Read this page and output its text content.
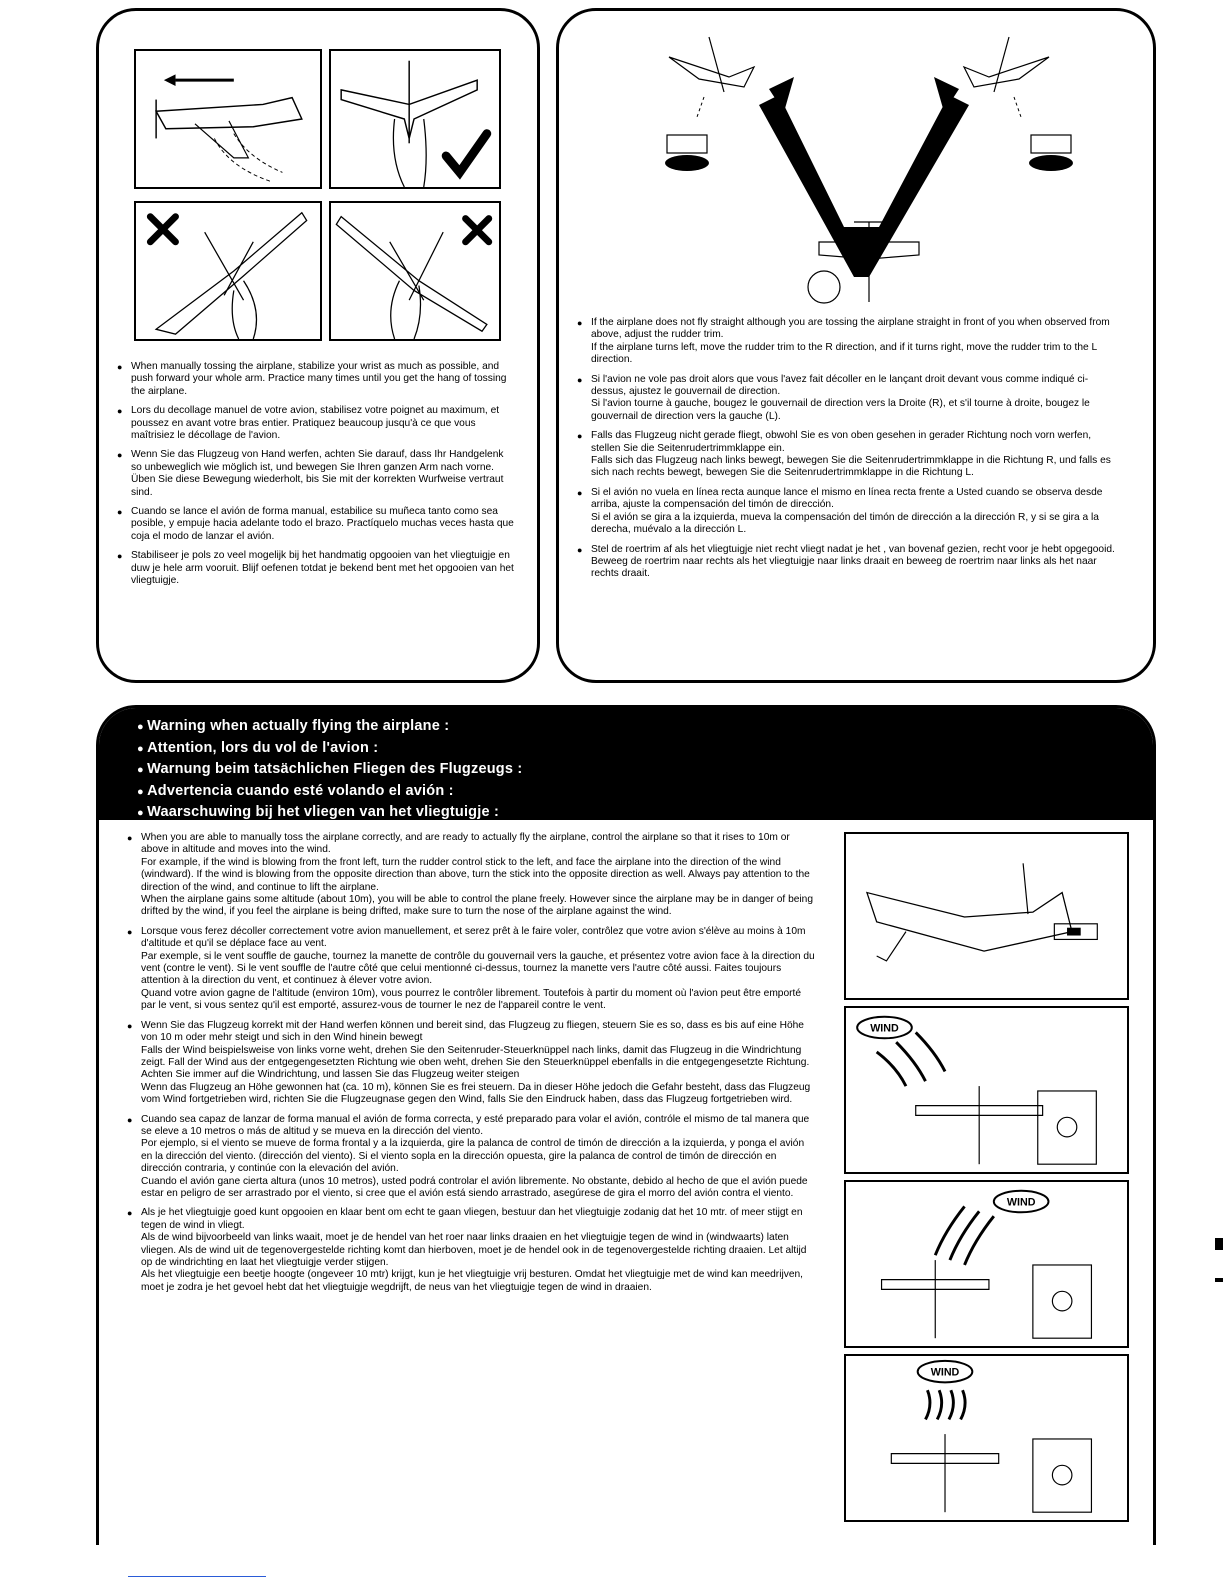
● When manually tossing the airplane, stabilize your wrist as much as possible, and push forward your whole arm. Practice many times until you get the hang of tossing the airplane.
● Lors du decollage manuel de votre avion, stabilisez votre poignet au maximum, et poussez en avant votre bras entier. Pratiquez beaucoup jusqu'à ce que vous maîtrisiez le décollage de l'avion.
● Wenn Sie das Flugzeug von Hand werfen, achten Sie darauf, dass Ihr Handgelenk so unbeweglich wie möglich ist, und bewegen Sie Ihren ganzen Arm nach vorne. Üben Sie diese Bewegung wiederholt, bis Sie mit der korrekten Wurfweise vertraut sind.
● Cuando se lance el avión de forma manual, estabilice su muñeca tanto como sea posible, y empuje hacia adelante todo el brazo. Practíquelo muchas veces hasta que coja el modo de lanzar el avión.
● Stabiliseer je pols zo veel mogelijk bij het handmatig opgooien van het vliegtuigje en duw je hele arm vooruit. Blijf oefenen totdat je bekend bent met het opgooien van het vliegtuigje.

● If the airplane does not fly straight although you are tossing the airplane straight in front of you when observed from above, adjust the rudder trim.

If the airplane turns left, move the rudder trim to the R direction, and if it turns right, move the rudder trim to the L direction.

● Si l'avion ne vole pas droit alors que vous l'avez fait décoller en le lançant droit devant vous comme indiqué ci-dessus, ajustez le gouvernail de direction.

Si l'avion tourne à gauche, bougez le gouvernail de direction vers la Droite (R), et s'il tourne à droite, bougez le gouvernail de direction vers la gauche (L).

● Falls das Flugzeug nicht gerade fliegt, obwohl Sie es von oben gesehen in gerader Richtung noch vorn werfen, stellen Sie die Seitenrudertrimmklappe ein.

Falls sich das Flugzeug nach links bewegt, bewegen Sie die Seitenrudertrimmklappe in die Richtung R, und falls es sich nach rechts bewegt, bewegen Sie die Seitenrudertrimmklappe in die Richtung L.

● Si el avión no vuela en línea recta aunque lance el mismo en línea recta frente a Usted cuando se observa desde arriba, ajuste la compensación del timón de dirección.

Si el avión se gira a la izquierda, mueva la compensación del timón de dirección a la dirección R, y si se gira a la derecha, muévalo a la dirección L.

● Stel de roertrim af als het vliegtuigje niet recht vliegt nadat je het , van bovenaf gezien, recht voor je hebt opgegooid.

Beweeg de roertrim naar rechts als het vliegtuigje naar links draait en beweeg de roertrim naar links als het naar rechts draait.

● Warning when actually flying the airplane :
● Attention, lors du vol de l'avion :
● Warnung beim tatsächlichen Fliegen des Flugzeugs :
● Advertencia cuando esté volando el avión :
● Waarschuwing bij het vliegen van het vliegtuigje :

● When you are able to manually toss the airplane correctly, and are ready to actually fly the airplane, control the airplane so that it rises to 10m or above in altitude and moves into the wind.

For example, if the wind is blowing from the front left, turn the rudder control stick to the left, and face the airplane into the direction of the wind (windward). If the wind is blowing from the opposite direction than above, turn the stick into the opposite direction as well. Always pay attention to the direction of the wind, and continue to lift the airplane.

When the airplane gains some altitude (about 10m), you will be able to control the plane freely. However since the airplane may be in danger of being drifted by the wind, if you feel the airplane is being drifted, make sure to turn the nose of the airplane against the wind.

● Lorsque vous ferez décoller correctement votre avion manuellement, et serez prêt à le faire voler, contrôlez que votre avion s'élève au moins à 10m d'altitude et qu'il se déplace face au vent.

Par exemple, si le vent souffle de gauche, tournez la manette de contrôle du gouvernail vers la gauche, et présentez votre avion face à la direction du vent (contre le vent). Si le vent souffle de l'autre côté que celui mentionné ci-dessus, tournez la manette vers l'autre côté aussi. Faites toujours attention à la direction du vent, et continuez à élever votre avion.

Quand votre avion gagne de l'altitude (environ 10m), vous pourrez le contrôler librement. Toutefois à partir du moment où l'avion peut être emporté par le vent, si vous sentez qu'il est emporté, assurez-vous de tourner le nez de l'appareil contre le vent.

● Wenn Sie das Flugzeug korrekt mit der Hand werfen können und bereit sind, das Flugzeug zu fliegen, steuern Sie es so, dass es bis auf eine Höhe von 10 m oder mehr steigt und sich in den Wind hinein bewegt

Falls der Wind beispielsweise von links vorne weht, drehen Sie den Seitenruder-Steuerknüppel nach links, damit das Flugzeug in die Windrichtung zeigt. Fall der Wind aus der entgegengesetzten Richtung wie oben weht, drehen Sie den Steuerknüppel ebenfalls in die entgegengesetzte Richtung. Achten Sie immer auf die Windrichtung, und lassen Sie das Flugzeug weiter steigen

Wenn das Flugzeug an Höhe gewonnen hat (ca. 10 m), können Sie es frei steuern. Da in dieser Höhe jedoch die Gefahr besteht, dass das Flugzeug vom Wind fortgetrieben wird, richten Sie die Flugzeugnase gegen den Wind, falls Sie den Eindruck haben, dass das Flugzeug fortgetrieben wird.

● Cuando sea capaz de lanzar de forma manual el avión de forma correcta, y esté preparado para volar el avión, contróle el mismo de tal manera que se eleve a 10 metros o más de altitud y se mueva en la dirección del viento.

Por ejemplo, si el viento se mueve de forma frontal y a la izquierda, gire la palanca de control de timón de dirección a la izquierda, y ponga el avión en la dirección del viento. (dirección del viento). Si el viento sopla en la dirección opuesta, gire la palanca de control de timón de dirección en dirección contraria, y continúe con la elevación del avión.

Cuando el avión gane cierta altura (unos 10 metros), usted podrá controlar el avión libremente. No obstante, debido al hecho de que el avión puede estar en peligro de ser arrastrado por el viento, si cree que el avión está siendo arrastrado, asegúrese de gira el morro del avión contra el viento.

● Als je het vliegtuigje goed kunt opgooien en klaar bent om echt te gaan vliegen, bestuur dan het vliegtuigje zodanig dat het 10 mtr. of meer stijgt en tegen de wind in vliegt.

Als de wind bijvoorbeeld van links waait, moet je de hendel van het roer naar links draaien en het vliegtuigje tegen de wind in (windwaarts) laten vliegen. Als de wind uit de tegenovergestelde richting komt dan hierboven, moet je de hendel ook in de tegenovergestelde richting draaien. Let altijd op de windrichting en laat het vliegtuigje verder stijgen.

Als het vliegtuigje een beetje hoogte (ongeveer 10 mtr) krijgt, kun je het vliegtuigje vrij besturen. Omdat het vliegtuigje met de wind kan meedrijven, moet je zodra je het gevoel hebt dat het vliegtuigje wegdrijft, de neus van het vliegtuigje tegen de wind in draaien.

WIND
WIND
WIND
